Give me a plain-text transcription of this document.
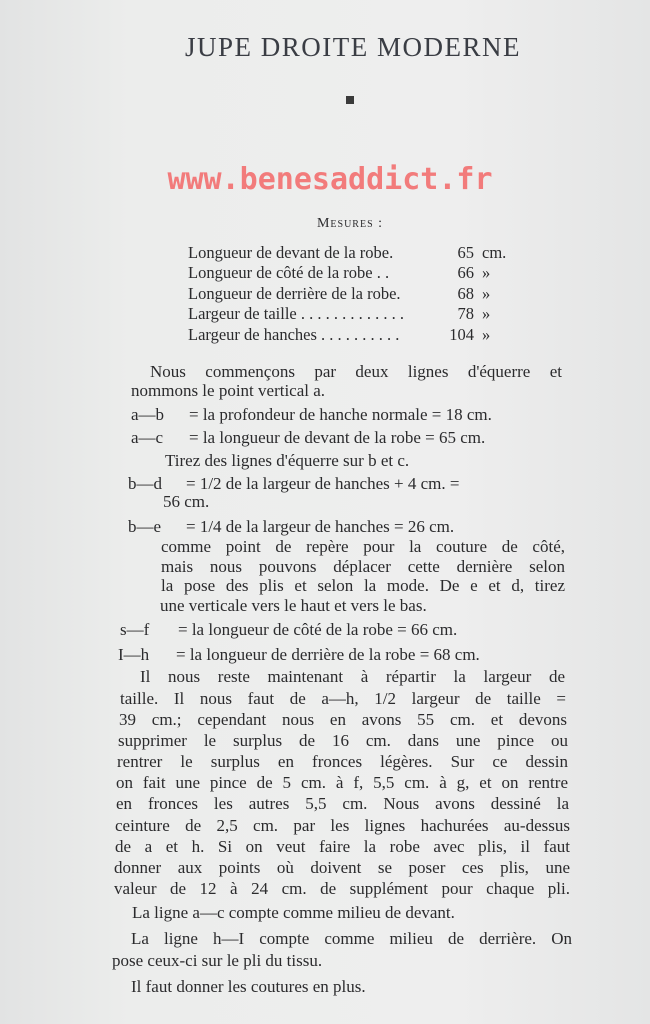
JUPE DROITE MODERNE
www.benesaddict.fr
Mesures :
Longueur de devant de la robe.	65 cm.
Longueur de côté de la robe . .	66 »
Longueur de derrière de la robe.	68 »
Largeur de taille . . . . . . . . . . . . .	78 »
Largeur de hanches . . . . . . . . . .	104 »
Nous commençons par deux lignes d'équerre et
nommons le point vertical a.
a—b = la profondeur de hanche normale = 18 cm.
a—c = la longueur de devant de la robe = 65 cm.
Tirez des lignes d'équerre sur b et c.
b—d = 1/2 de la largeur de hanches + 4 cm. =
56 cm.
b—e = 1/4 de la largeur de hanches = 26 cm.
comme point de repère pour la couture de côté,
mais nous pouvons déplacer cette dernière selon
la pose des plis et selon la mode. De e et d, tirez
une verticale vers le haut et vers le bas.
s—f = la longueur de côté de la robe = 66 cm.
I—h = la longueur de derrière de la robe = 68 cm.
Il nous reste maintenant à répartir la largeur de
taille. Il nous faut de a—h, 1/2 largeur de taille =
39 cm.; cependant nous en avons 55 cm. et devons
supprimer le surplus de 16 cm. dans une pince ou
rentrer le surplus en fronces légères. Sur ce dessin
on fait une pince de 5 cm. à f, 5,5 cm. à g, et on rentre
en fronces les autres 5,5 cm. Nous avons dessiné la
ceinture de 2,5 cm. par les lignes hachurées au-dessus
de a et h. Si on veut faire la robe avec plis, il faut
donner aux points où doivent se poser ces plis, une
valeur de 12 à 24 cm. de supplément pour chaque pli.
La ligne a—c compte comme milieu de devant.
La ligne h—I compte comme milieu de derrière. On
pose ceux-ci sur le pli du tissu.
Il faut donner les coutures en plus.
